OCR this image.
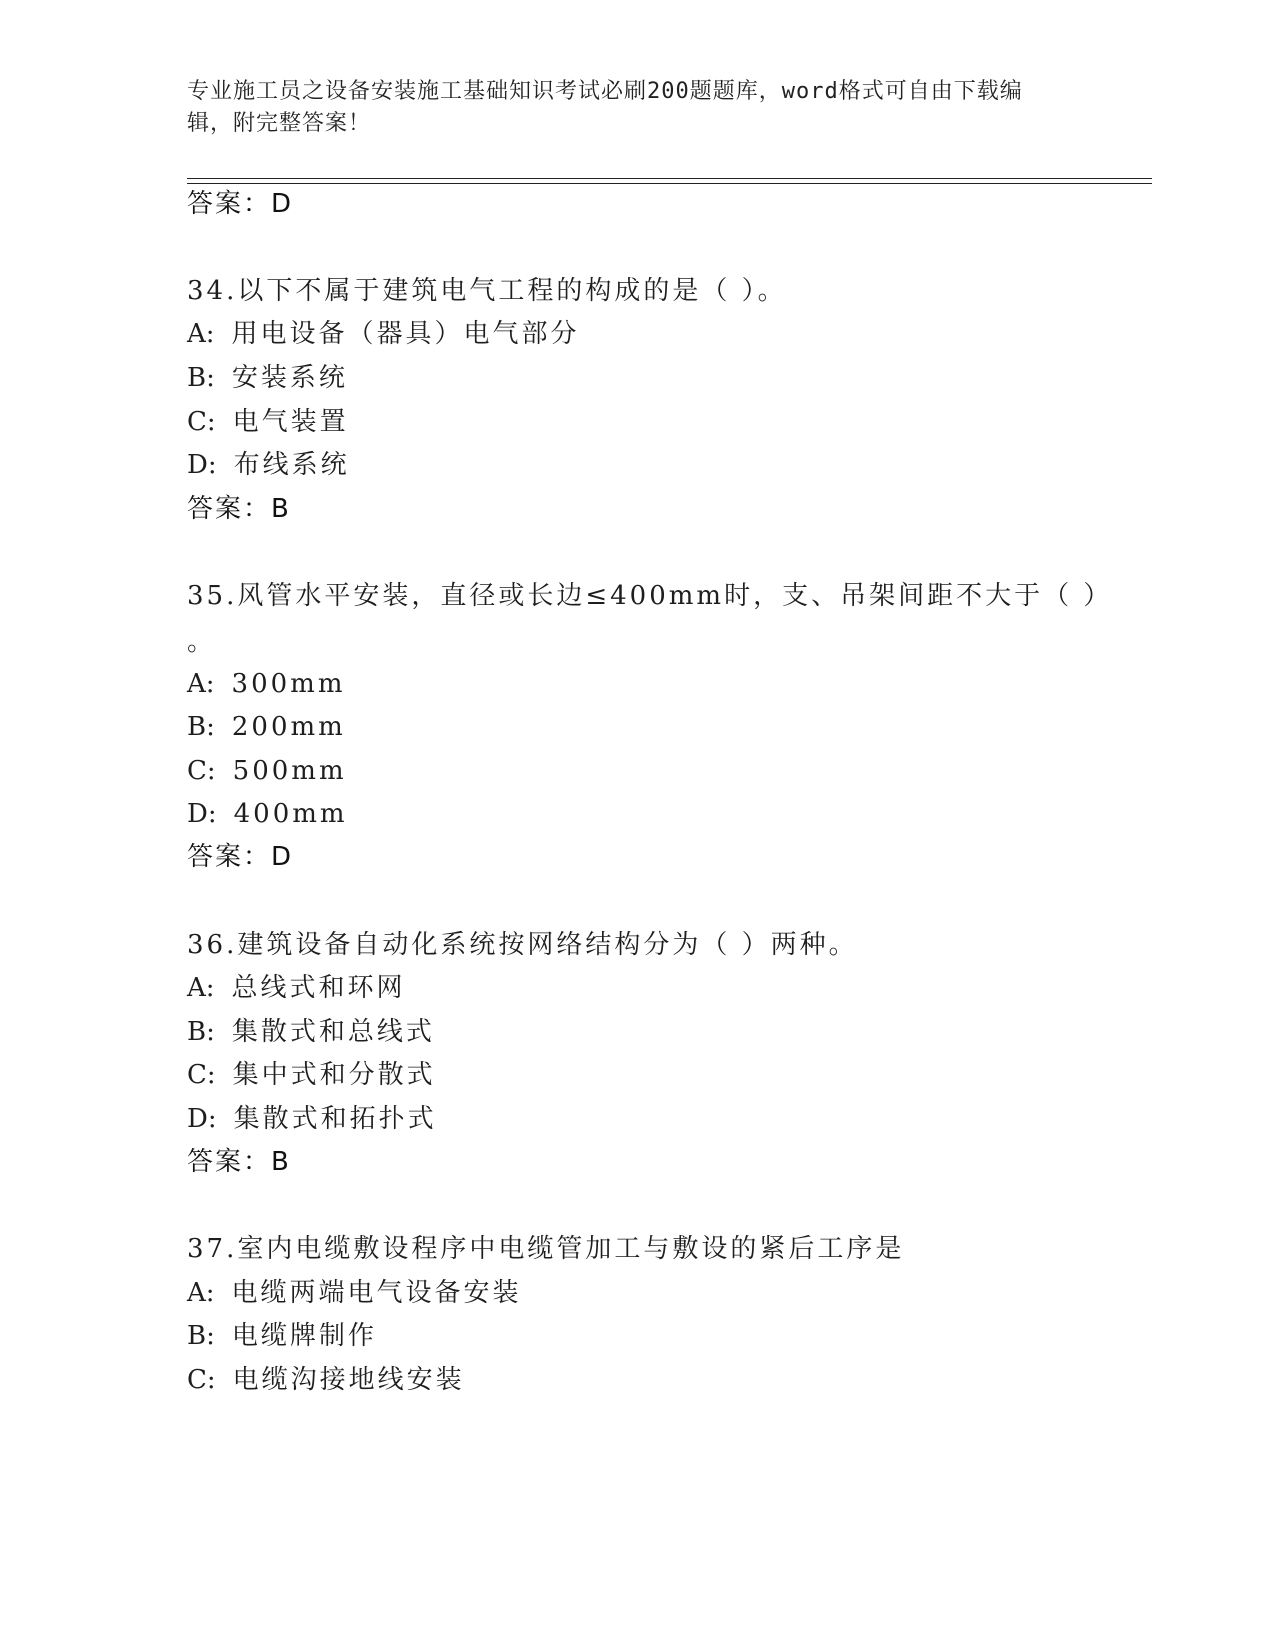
专业施工员之设备安装施工基础知识考试必刷200题题库，word格式可自由下载编辑，附完整答案！
答案：D
34.以下不属于建筑电气工程的构成的是（ ）。
A: 用电设备（器具）电气部分
B: 安装系统
C: 电气装置
D: 布线系统
答案：B
35.风管水平安装，直径或长边≤400mm时，支、吊架间距不大于（ ）
。
A: 300mm
B: 200mm
C: 500mm
D: 400mm
答案：D
36.建筑设备自动化系统按网络结构分为（ ）两种。
A: 总线式和环网
B: 集散式和总线式
C: 集中式和分散式
D: 集散式和拓扑式
答案：B
37.室内电缆敷设程序中电缆管加工与敷设的紧后工序是
A: 电缆两端电气设备安装
B: 电缆牌制作
C: 电缆沟接地线安装
